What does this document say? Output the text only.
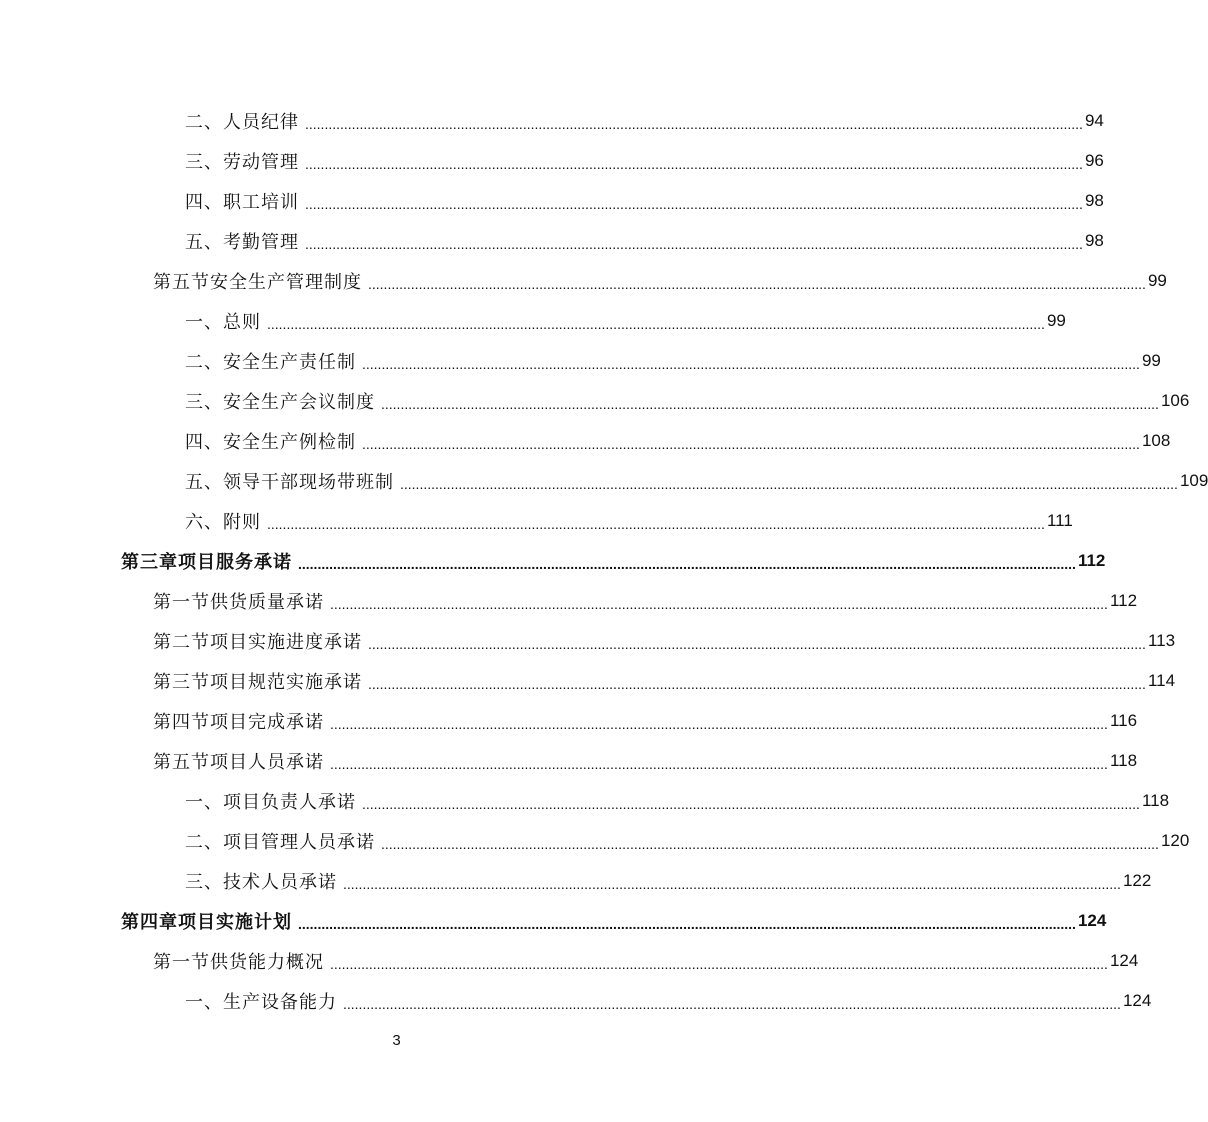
二、 人员纪律 ........................................................................................................................................................................................................ 94
三、 劳动管理 ........................................................................................................................................................................................................ 96
四、 职工培训 ........................................................................................................................................................................................................ 98
五、 考勤管理 ........................................................................................................................................................................................................ 98
第五节 安全生产管理制度 ........................................................................................................................................................................................................ 99
一、 总则 ........................................................................................................................................................................................................ 99
二、 安全生产责任制 ........................................................................................................................................................................................................ 99
三、 安全生产会议制度 ........................................................................................................................................................................................................ 106
四、 安全生产例检制 ........................................................................................................................................................................................................ 108
五、 领导干部现场带班制 ........................................................................................................................................................................................................ 109
六、 附则 ........................................................................................................................................................................................................ 111
第三章 项目服务承诺 ........................................................................................................................................................................................................ 112
第一节 供货质量承诺 ........................................................................................................................................................................................................ 112
第二节 项目实施进度承诺 ........................................................................................................................................................................................................ 113
第三节 项目规范实施承诺 ........................................................................................................................................................................................................ 114
第四节 项目完成承诺 ........................................................................................................................................................................................................ 116
第五节 项目人员承诺 ........................................................................................................................................................................................................ 118
一、 项目负责人承诺 ........................................................................................................................................................................................................ 118
二、 项目管理人员承诺 ........................................................................................................................................................................................................ 120
三、 技术人员承诺 ........................................................................................................................................................................................................ 122
第四章 项目实施计划 ........................................................................................................................................................................................................ 124
第一节 供货能力概况 ........................................................................................................................................................................................................ 124
一、 生产设备能力 ........................................................................................................................................................................................................ 124
3
